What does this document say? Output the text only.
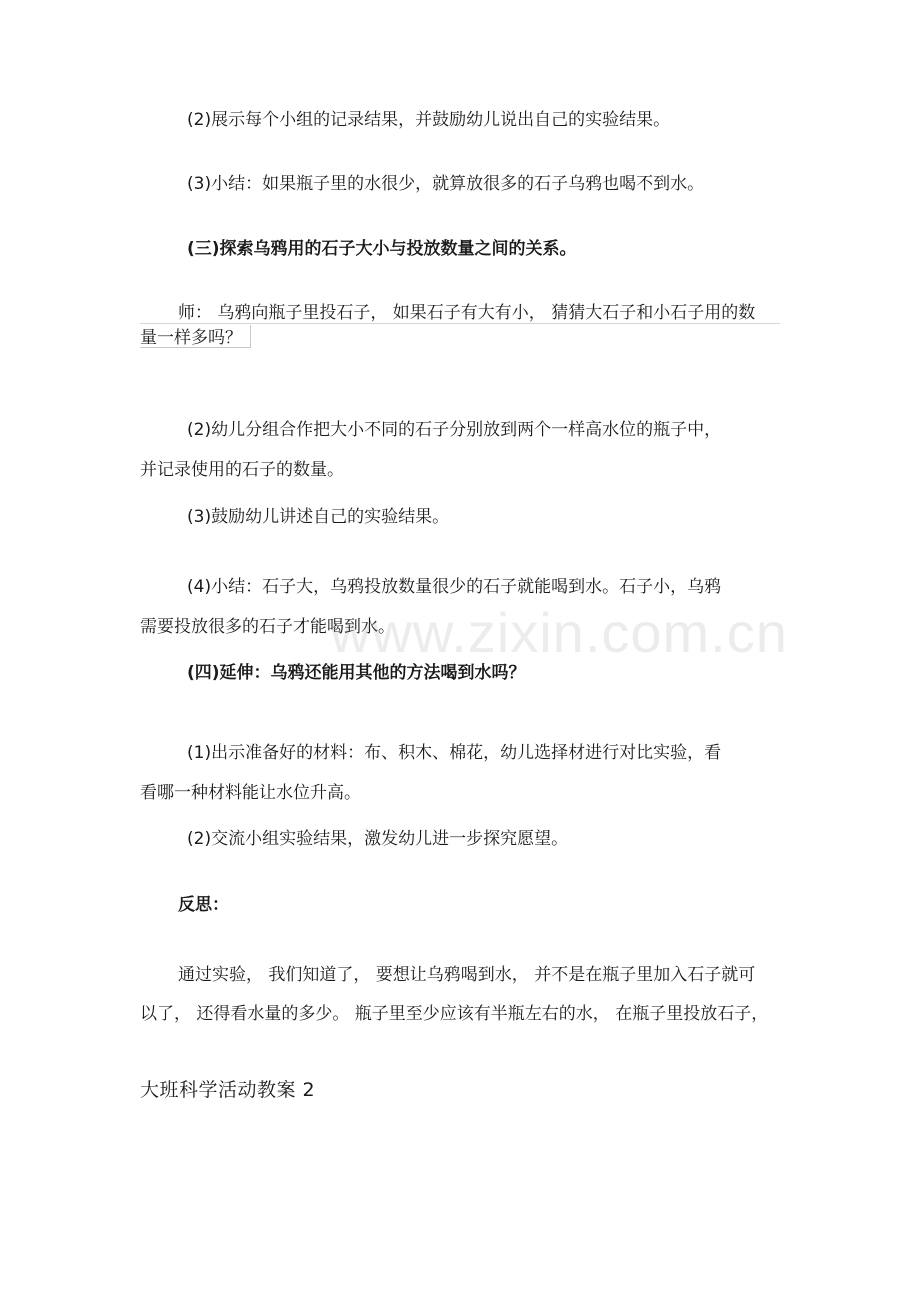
(2)展示每个小组的记录结果，并鼓励幼儿说出自己的实验结果。
(3)小结：如果瓶子里的水很少，就算放很多的石子乌鸦也喝不到水。
(三)探索乌鸦用的石子大小与投放数量之间的关系。
师： 乌鸦向瓶子里投石子， 如果石子有大有小， 猜猜大石子和小石子用的数
量一样多吗？
(2)幼儿分组合作把大小不同的石子分别放到两个一样高水位的瓶子中，
并记录使用的石子的数量。
(3)鼓励幼儿讲述自己的实验结果。
(4)小结：石子大，乌鸦投放数量很少的石子就能喝到水。石子小，乌鸦
需要投放很多的石子才能喝到水。
(四)延伸：乌鸦还能用其他的方法喝到水吗？
(1)出示准备好的材料：布、积木、棉花，幼儿选择材进行对比实验，看
看哪一种材料能让水位升高。
(2)交流小组实验结果，激发幼儿进一步探究愿望。
反思：
通过实验， 我们知道了， 要想让乌鸦喝到水， 并不是在瓶子里加入石子就可
以了， 还得看水量的多少。 瓶子里至少应该有半瓶左右的水， 在瓶子里投放石子，
大班科学活动教案 2
www.zixin.com.cn
